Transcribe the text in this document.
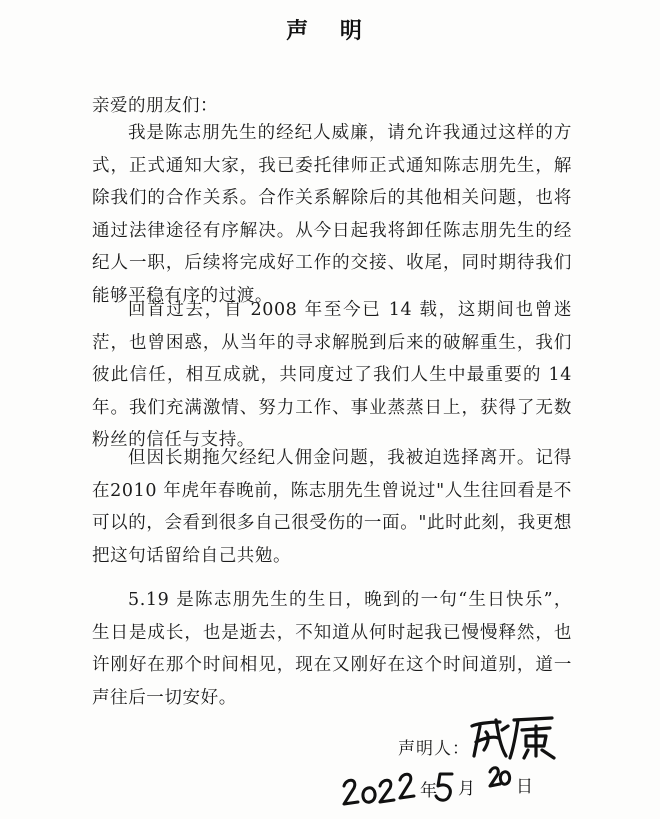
声 明
亲爱的朋友们：
我是陈志朋先生的经纪人威廉，请允许我通过这样的方式，正式通知大家，我已委托律师正式通知陈志朋先生，解除我们的合作关系。合作关系解除后的其他相关问题，也将通过法律途径有序解决。从今日起我将卸任陈志朋先生的经纪人一职，后续将完成好工作的交接、收尾，同时期待我们能够平稳有序的过渡。
回首过去，自 2008 年至今已 14 载，这期间也曾迷茫，也曾困惑，从当年的寻求解脱到后来的破解重生，我们彼此信任，相互成就，共同度过了我们人生中最重要的 14 年。我们充满激情、努力工作、事业蒸蒸日上，获得了无数粉丝的信任与支持。
但因长期拖欠经纪人佣金问题，我被迫选择离开。记得在2010 年虎年春晚前，陈志朋先生曾说过"人生往回看是不可以的，会看到很多自己很受伤的一面。"此时此刻，我更想把这句话留给自己共勉。
5.19 是陈志朋先生的生日，晚到的一句“生日快乐”，生日是成长，也是逝去，不知道从何时起我已慢慢释然，也许刚好在那个时间相见，现在又刚好在这个时间道别，道一声往后一切安好。
声明人：
年 月 日
